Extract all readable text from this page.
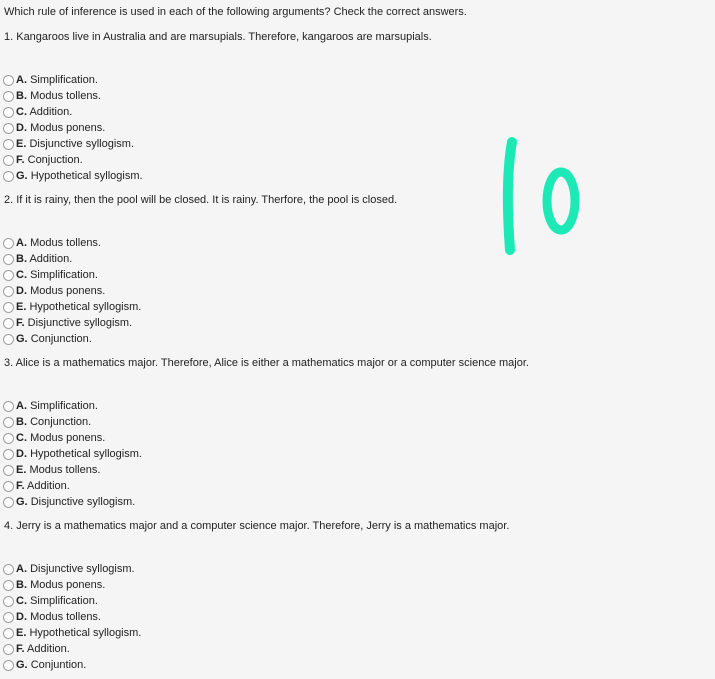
Which rule of inference is used in each of the following arguments? Check the correct answers.
1. Kangaroos live in Australia and are marsupials. Therefore, kangaroos are marsupials.
A. Simplification.
B. Modus tollens.
C. Addition.
D. Modus ponens.
E. Disjunctive syllogism.
F. Conjuction.
G. Hypothetical syllogism.
2. If it is rainy, then the pool will be closed. It is rainy. Therfore, the pool is closed.
A. Modus tollens.
B. Addition.
C. Simplification.
D. Modus ponens.
E. Hypothetical syllogism.
F. Disjunctive syllogism.
G. Conjunction.
3. Alice is a mathematics major. Therefore, Alice is either a mathematics major or a computer science major.
A. Simplification.
B. Conjunction.
C. Modus ponens.
D. Hypothetical syllogism.
E. Modus tollens.
F. Addition.
G. Disjunctive syllogism.
4. Jerry is a mathematics major and a computer science major. Therefore, Jerry is a mathematics major.
A. Disjunctive syllogism.
B. Modus ponens.
C. Simplification.
D. Modus tollens.
E. Hypothetical syllogism.
F. Addition.
G. Conjuntion.
